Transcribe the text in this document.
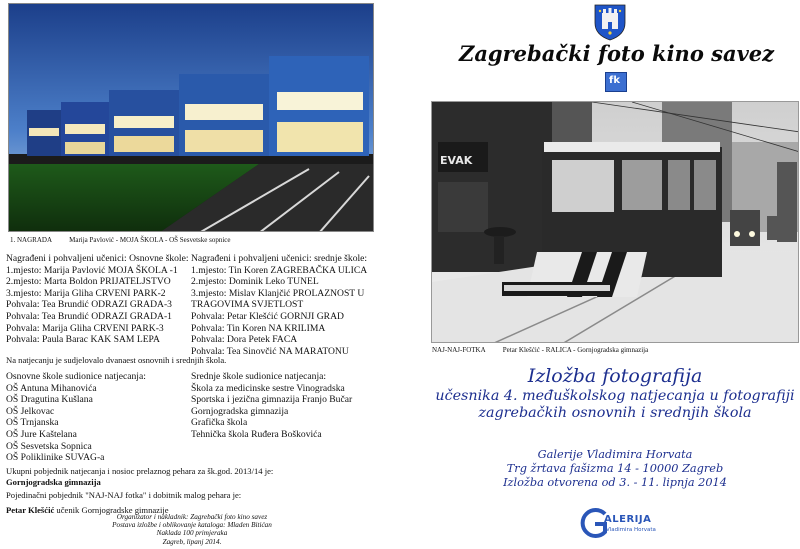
1. NAGRADA	Marija Pavlović - MOJA ŠKOLA - OŠ Sesvetske sopnice
Nagrađeni i pohvaljeni učenici: Osnovne škole:
1.mjesto: Marija Pavlović MOJA ŠKOLA -1
2.mjesto: Marta Boldon PRIJATELJSTVO
3.mjesto: Marija Gliha CRVENI PARK-2
Pohvala: Tea Brundić ODRAZI GRADA-3
Pohvala: Tea Brundić ODRAZI GRADA-1
Pohvala: Marija Gliha CRVENI PARK-3
Pohvala: Paula Barac KAK SAM LEPA
Nagrađeni i pohvaljeni učenici: srednje škole:
1.mjesto: Tin Koren ZAGREBAČKA ULICA
2.mjesto: Dominik Leko TUNEL
3.mjesto: Mislav Klanjčić PROLAZNOST U
TRAGOVIMA SVJETLOST
Pohvala: Petar Klešćić GORNJI GRAD
Pohvala: Tin Koren NA KRILIMA
Pohvala: Dora Petek FACA
Pohvala: Tea Sinovčić NA MARATONU
Na natjecanju je sudjelovalo dvanaest osnovnih i srednjih škola.
Osnovne škole sudionice natjecanja:
OŠ Antuna Mihanovića
OŠ Dragutina Kušlana
OŠ Jelkovac
OŠ Trnjanska
OŠ Jure Kaštelana
OŠ Sesvetska Sopnica
OŠ Poliklinike SUVAG-a
Srednje škole sudionice natjecanja:
Škola za medicinske sestre Vinogradska
Sportska i jezična gimnazija Franjo Bučar
Gornjogradska gimnazija
Grafička škola
Tehnička škola Ruđera Boškovića
Ukupni pobjednik natjecanja i nosioc prelaznog pehara za šk.god. 2013/14 je:
Gornjogradska gimnazija
Pojedinačni pobjednik "NAJ-NAJ fotka" i dobitnik malog pehara je:
Petar Klešćić učenik Gornjogradske gimnazije
Organizator i nakladnik: Zagrebački foto kino savez
Postava izložbe i oblikovanje kataloga: Mladen Bitićan
Naklada 100 primjeraka
Zagreb, lipanj 2014.
Zagrebački foto kino savez
fk
EVAK
NAJ-NAJ-FOTKA	Petar Klešćić - RALICA - Gornjogradska gimnazija
Izložba fotografija
učesnika 4. međuškolskog natjecanja u fotografiji
zagrebačkih osnovnih i srednjih škola
Galerije Vladimira Horvata
Trg žrtava fašizma 14 - 10000 Zagreb
Izložba otvorena od 3. - 11. lipnja 2014
ALERIJA
Vladimira Horvata
